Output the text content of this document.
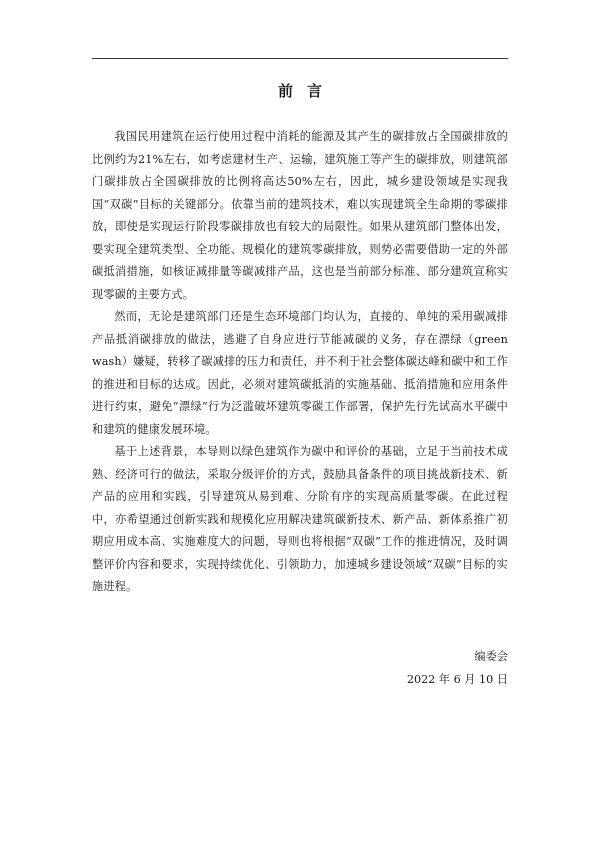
前言

我国民用建筑在运行使用过程中消耗的能源及其产生的碳排放占全国碳排放的比例约为21%左右，如考虑建材生产、运输，建筑施工等产生的碳排放，则建筑部门碳排放占全国碳排放的比例将高达50%左右，因此，城乡建设领域是实现我国“双碳”目标的关键部分。依靠当前的建筑技术，难以实现建筑全生命期的零碳排放，即使是实现运行阶段零碳排放也有较大的局限性。如果从建筑部门整体出发，要实现全建筑类型、全功能、规模化的建筑零碳排放，则势必需要借助一定的外部碳抵消措施，如核证减排量等碳减排产品，这也是当前部分标准、部分建筑宣称实现零碳的主要方式。

然而，无论是建筑部门还是生态环境部门均认为，直接的、单纯的采用碳减排产品抵消碳排放的做法，逃避了自身应进行节能减碳的义务，存在漂绿（green wash）嫌疑，转移了碳减排的压力和责任，并不利于社会整体碳达峰和碳中和工作的推进和目标的达成。因此，必须对建筑碳抵消的实施基础、抵消措施和应用条件进行约束，避免“漂绿”行为泛滥破坏建筑零碳工作部署，保护先行先试高水平碳中和建筑的健康发展环境。

基于上述背景，本导则以绿色建筑作为碳中和评价的基础，立足于当前技术成熟、经济可行的做法，采取分级评价的方式，鼓励具备条件的项目挑战新技术、新产品的应用和实践，引导建筑从易到难、分阶有序的实现高质量零碳。在此过程中，亦希望通过创新实践和规模化应用解决建筑碳新技术、新产品、新体系推广初期应用成本高、实施难度大的问题，导则也将根据“双碳”工作的推进情况，及时调整评价内容和要求，实现持续优化、引领助力，加速城乡建设领域“双碳”目标的实施进程。

编委会
2022 年 6 月 10 日
